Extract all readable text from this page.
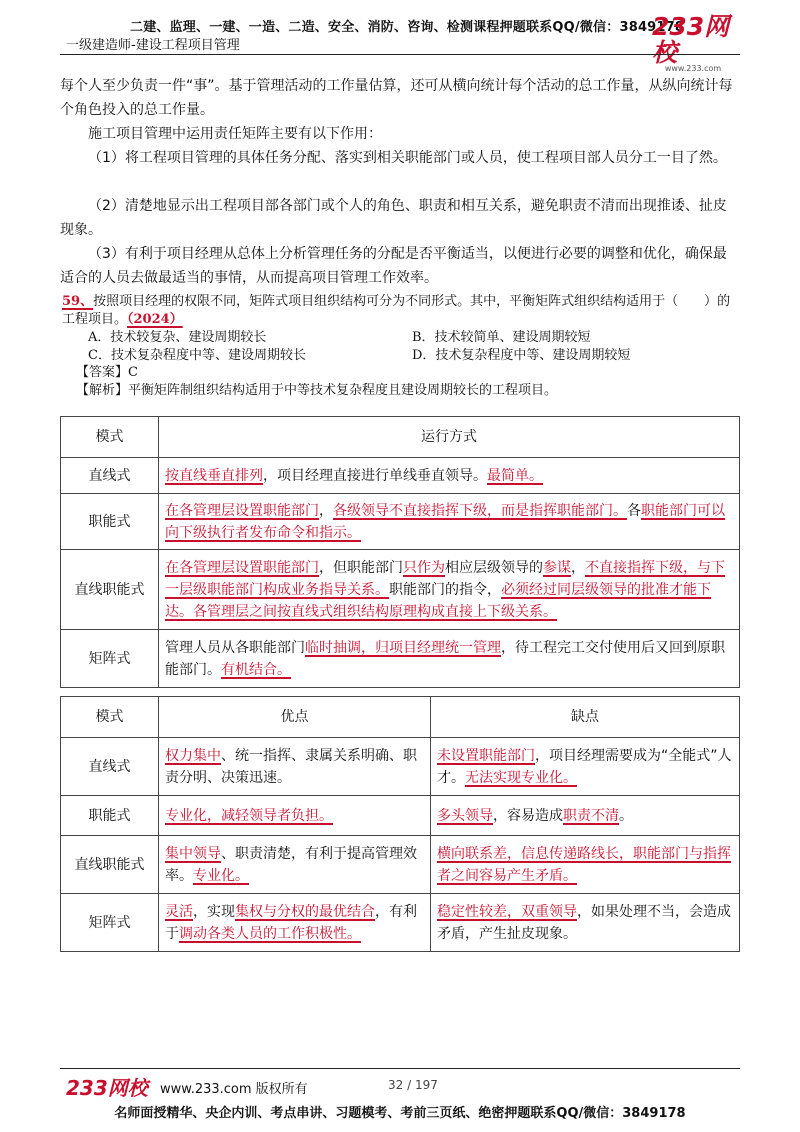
二建、监理、一建、一造、二造、安全、消防、咨询、检测课程押题联系QQ/微信：3849178
一级建造师-建设工程项目管理
233网校
www.233.com

每个人至少负责一件“事”。基于管理活动的工作量估算，还可从横向统计每个活动的总工作量，从纵向统计每个角色投入的总工作量。

施工项目管理中运用责任矩阵主要有以下作用：

（1）将工程项目管理的具体任务分配、落实到相关职能部门或人员，使工程项目部人员分工一目了然。

（2）清楚地显示出工程项目部各部门或个人的角色、职责和相互关系，避免职责不清而出现推诿、扯皮现象。

（3）有利于项目经理从总体上分析管理任务的分配是否平衡适当，以便进行必要的调整和优化，确保最适合的人员去做最适当的事情，从而提高项目管理工作效率。

59、按照项目经理的权限不同，矩阵式项目组织结构可分为不同形式。其中，平衡矩阵式组织结构适用于（　　）的工程项目。（2024）
A．技术较复杂、建设周期较长	B．技术较简单、建设周期较短
C．技术复杂程度中等、建设周期较长	D．技术复杂程度中等、建设周期较短
【答案】C
【解析】平衡矩阵制组织结构适用于中等技术复杂程度且建设周期较长的工程项目。
模式	运行方式
直线式	按直线垂直排列，项目经理直接进行单线垂直领导。最简单。
职能式	在各管理层设置职能部门，各级领导不直接指挥下级，而是指挥职能部门。各职能部门可以向下级执行者发布命令和指示。
直线职能式	在各管理层设置职能部门，但职能部门只作为相应层级领导的参谋，不直接指挥下级，与下一层级职能部门构成业务指导关系。职能部门的指令，必须经过同层级领导的批准才能下达。各管理层之间按直线式组织结构原理构成直接上下级关系。
矩阵式	管理人员从各职能部门临时抽调，归项目经理统一管理，待工程完工交付使用后又回到原职能部门。有机结合。
模式	优点	缺点
直线式	权力集中、统一指挥、隶属关系明确、职责分明、决策迅速。	未设置职能部门，项目经理需要成为“全能式”人才。无法实现专业化。
职能式	专业化，减轻领导者负担。	多头领导，容易造成职责不清。
直线职能式	集中领导、职责清楚，有利于提高管理效率。专业化。	横向联系差，信息传递路线长，职能部门与指挥者之间容易产生矛盾。
矩阵式	灵活，实现集权与分权的最优结合，有利于调动各类人员的工作积极性。	稳定性较差，双重领导，如果处理不当，会造成矛盾，产生扯皮现象。
233网校 www.233.com 版权所有	32 / 197
名师面授精华、央企内训、考点串讲、习题模考、考前三页纸、绝密押题联系QQ/微信：3849178
